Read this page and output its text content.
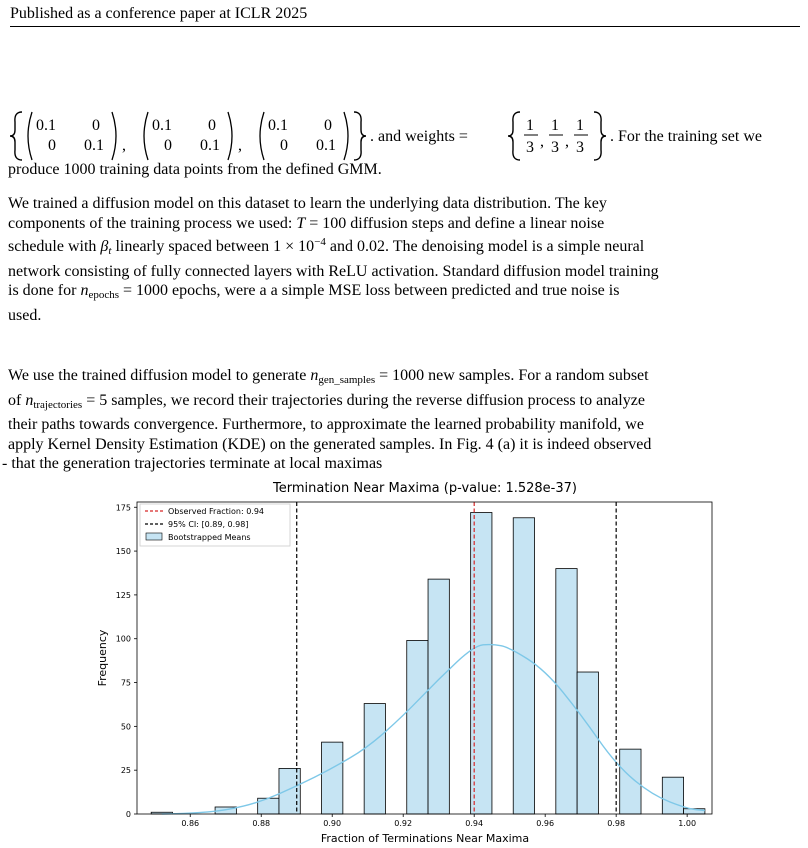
Published as a conference paper at ICLR 2025
0.1 0
0 0.1 ,
0.1 0
0 0.1 ,
0.1 0
0 0.1
. and weights =
1
3 ,
1
3 ,
1
3
. For the training set we

produce 1000 training data points from the defined GMM.

We trained a diffusion model on this dataset to learn the underlying data distribution. The key
components of the training process we used: T = 100 diffusion steps and define a linear noise
schedule with $\beta_t$ linearly spaced between $1 \times 10^{-4}$ and 0.02. The denoising model is a simple neural
network consisting of fully connected layers with ReLU activation. Standard diffusion model training
is done for $n_{epochs} = 1000$ epochs, were a a simple MSE loss between predicted and true noise is
used.
We use the trained diffusion model to generate $n_{gen\_samples} = 1000$ new samples. For a random subset
of $n_{trajectories} = 5$ samples, we record their trajectories during the reverse diffusion process to analyze
their paths towards convergence. Furthermore, to approximate the learned probability manifold, we
apply Kernel Density Estimation (KDE) on the generated samples. In Fig. 4 (a) it is indeed observed
- that the generation trajectories terminate at local maximas
Termination Near Maxima (p-value: 1.528e-37)
0.86	0.88	0.90	0.92	0.94	0.96	0.98	1.00
0
25
50
75
100
125
150
175
Fraction of Terminations Near Maxima
Frequency
Observed Fraction: 0.94
95% CI: [0.89, 0.98]
Bootstrapped Means
